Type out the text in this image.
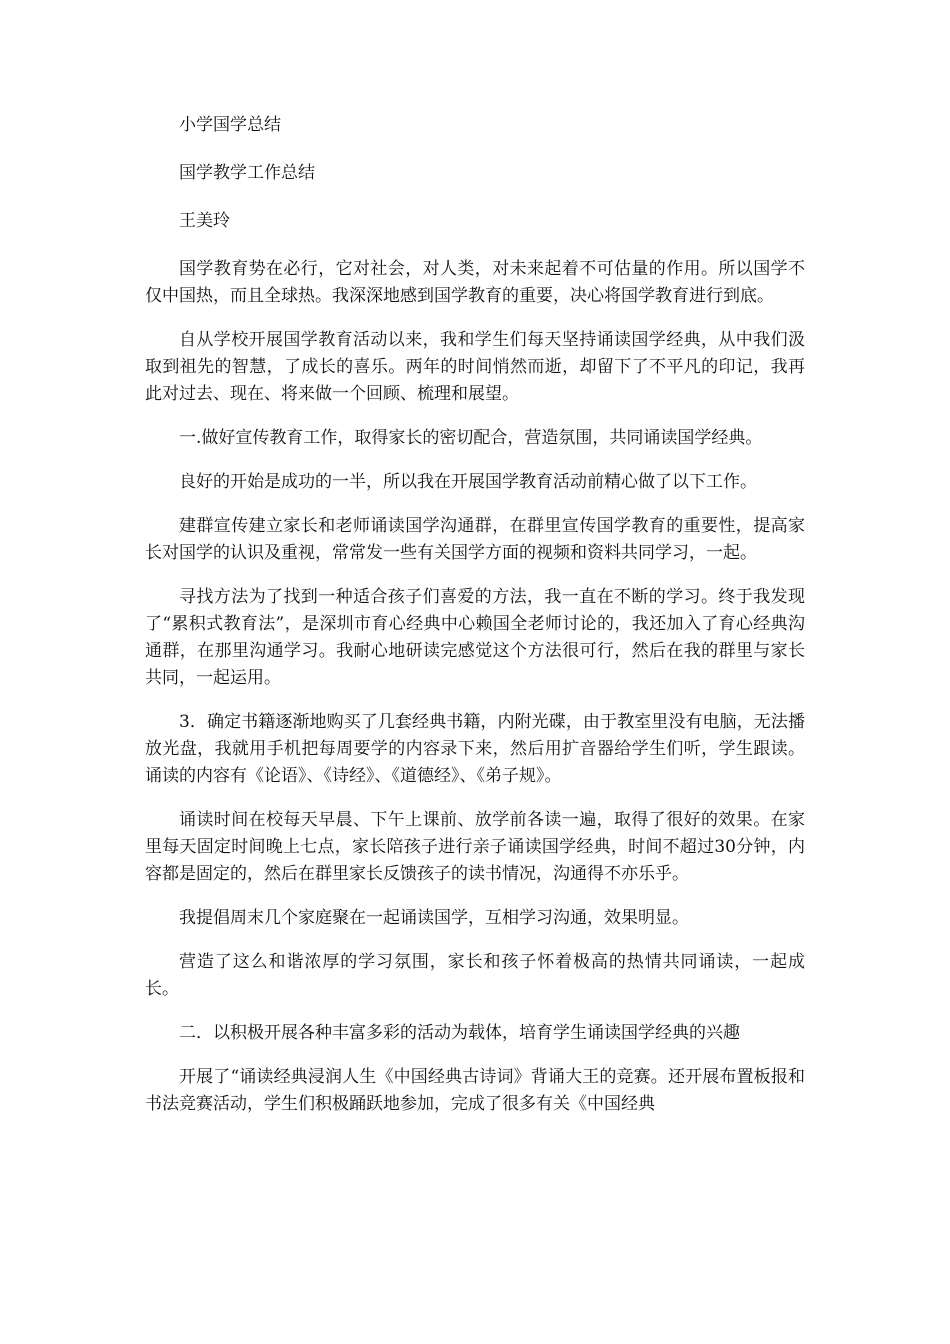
小学国学总结

国学教学工作总结

王美玲

国学教育势在必行，它对社会，对人类，对未来起着不可估量的作用。所以国学不仅中国热，而且全球热。我深深地感到国学教育的重要，决心将国学教育进行到底。

自从学校开展国学教育活动以来，我和学生们每天坚持诵读国学经典，从中我们汲取到祖先的智慧，了成长的喜乐。两年的时间悄然而逝，却留下了不平凡的印记，我再此对过去、现在、将来做一个回顾、梳理和展望。

一.做好宣传教育工作，取得家长的密切配合，营造氛围，共同诵读国学经典。

良好的开始是成功的一半，所以我在开展国学教育活动前精心做了以下工作。

建群宣传建立家长和老师诵读国学沟通群，在群里宣传国学教育的重要性，提高家长对国学的认识及重视，常常发一些有关国学方面的视频和资料共同学习，一起。

寻找方法为了找到一种适合孩子们喜爱的方法，我一直在不断的学习。终于我发现了“累积式教育法”，是深圳市育心经典中心赖国全老师讨论的，我还加入了育心经典沟通群，在那里沟通学习。我耐心地研读完感觉这个方法很可行，然后在我的群里与家长共同，一起运用。

3．确定书籍逐渐地购买了几套经典书籍，内附光碟，由于教室里没有电脑，无法播放光盘，我就用手机把每周要学的内容录下来，然后用扩音器给学生们听，学生跟读。诵读的内容有《论语》、《诗经》、《道德经》、《弟子规》。

诵读时间在校每天早晨、下午上课前、放学前各读一遍，取得了很好的效果。在家里每天固定时间晚上七点，家长陪孩子进行亲子诵读国学经典，时间不超过30分钟，内容都是固定的，然后在群里家长反馈孩子的读书情况，沟通得不亦乐乎。

我提倡周末几个家庭聚在一起诵读国学，互相学习沟通，效果明显。

营造了这么和谐浓厚的学习氛围，家长和孩子怀着极高的热情共同诵读，一起成长。

二．以积极开展各种丰富多彩的活动为载体，培育学生诵读国学经典的兴趣

开展了“诵读经典浸润人生《中国经典古诗词》背诵大王的竞赛。还开展布置板报和书法竞赛活动，学生们积极踊跃地参加，完成了很多有关《中国经典
